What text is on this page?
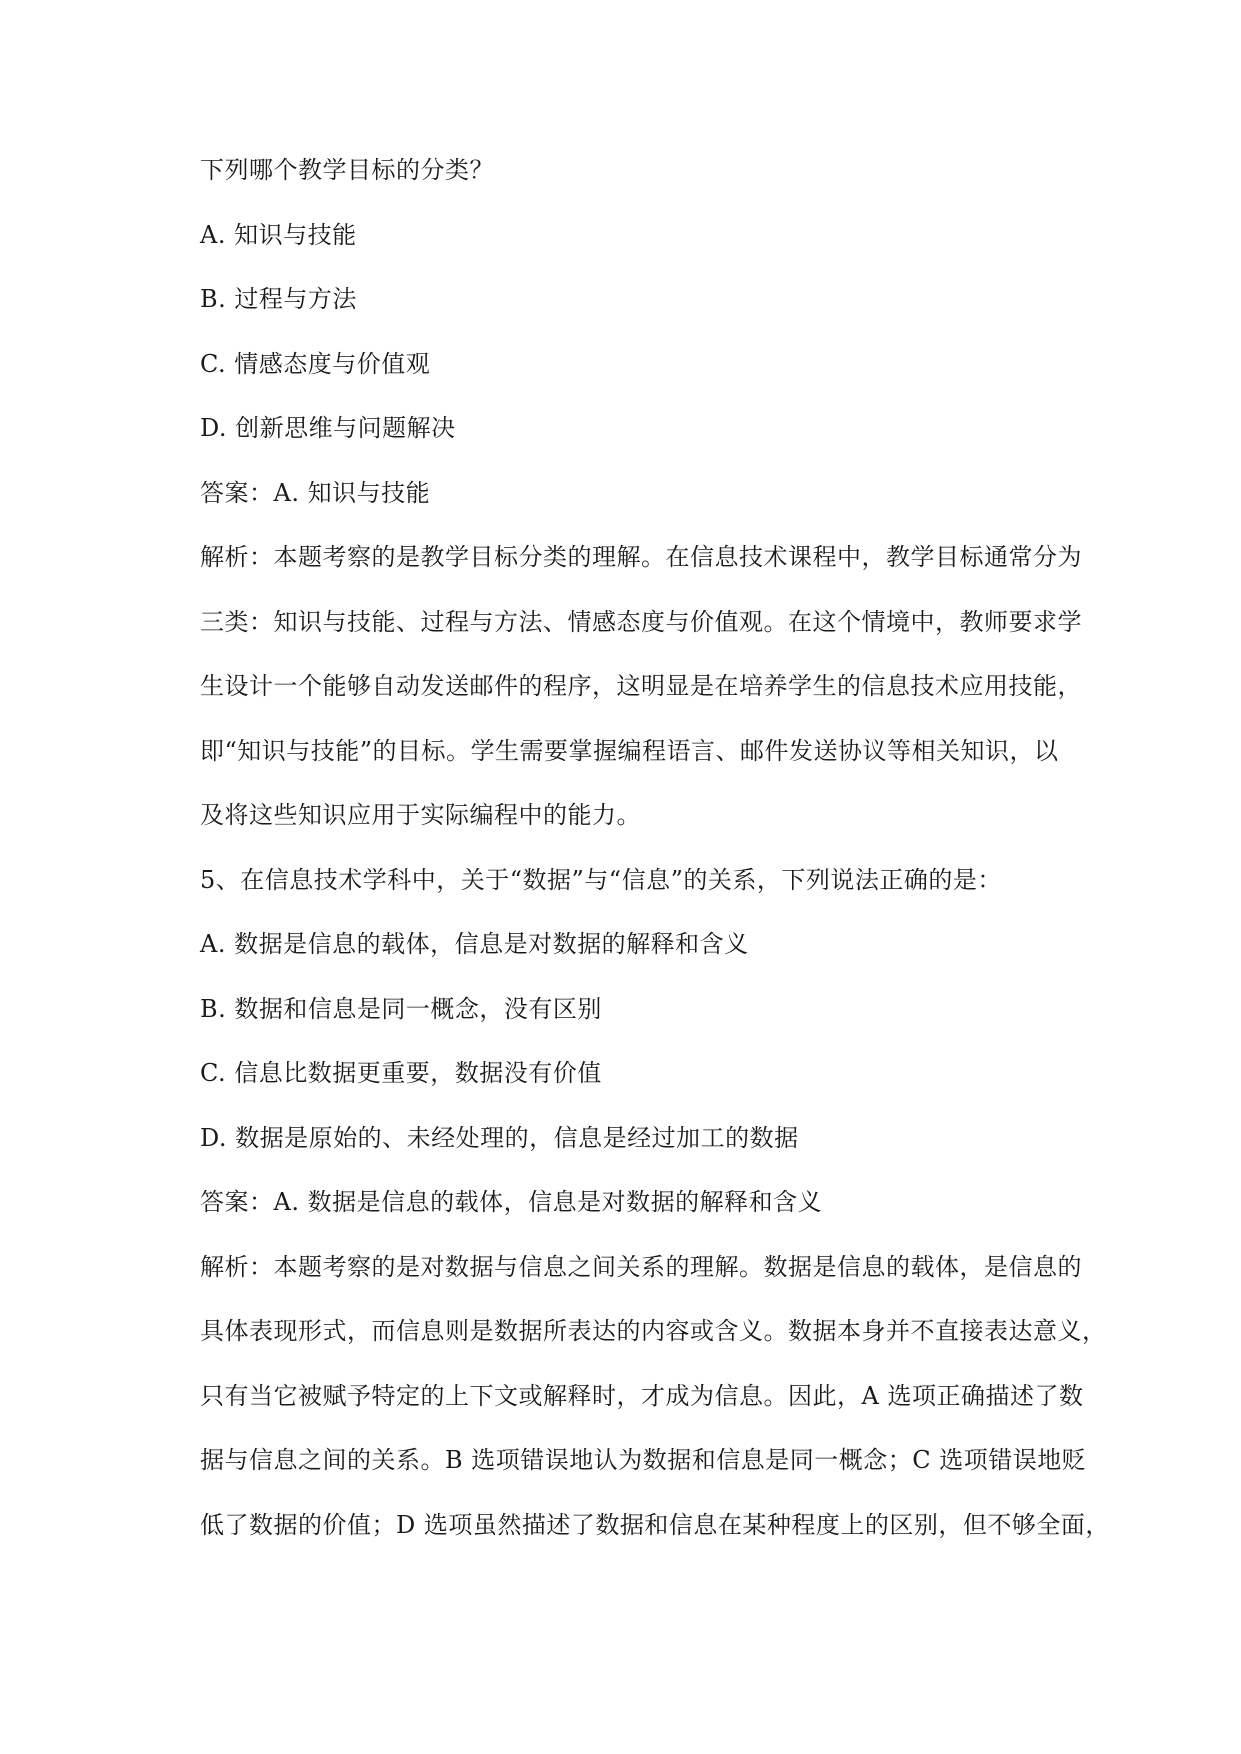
下列哪个教学目标的分类？
A. 知识与技能
B. 过程与方法
C. 情感态度与价值观
D. 创新思维与问题解决
答案：A. 知识与技能
解析：本题考察的是教学目标分类的理解。在信息技术课程中，教学目标通常分为
三类：知识与技能、过程与方法、情感态度与价值观。在这个情境中，教师要求学
生设计一个能够自动发送邮件的程序，这明显是在培养学生的信息技术应用技能，
即“知识与技能”的目标。学生需要掌握编程语言、邮件发送协议等相关知识，以
及将这些知识应用于实际编程中的能力。
5、在信息技术学科中，关于“数据”与“信息”的关系，下列说法正确的是：
A. 数据是信息的载体，信息是对数据的解释和含义
B. 数据和信息是同一概念，没有区别
C. 信息比数据更重要，数据没有价值
D. 数据是原始的、未经处理的，信息是经过加工的数据
答案：A. 数据是信息的载体，信息是对数据的解释和含义
解析：本题考察的是对数据与信息之间关系的理解。数据是信息的载体，是信息的
具体表现形式，而信息则是数据所表达的内容或含义。数据本身并不直接表达意义，
只有当它被赋予特定的上下文或解释时，才成为信息。因此，A 选项正确描述了数
据与信息之间的关系。B 选项错误地认为数据和信息是同一概念；C 选项错误地贬
低了数据的价值；D 选项虽然描述了数据和信息在某种程度上的区别，但不够全面，
